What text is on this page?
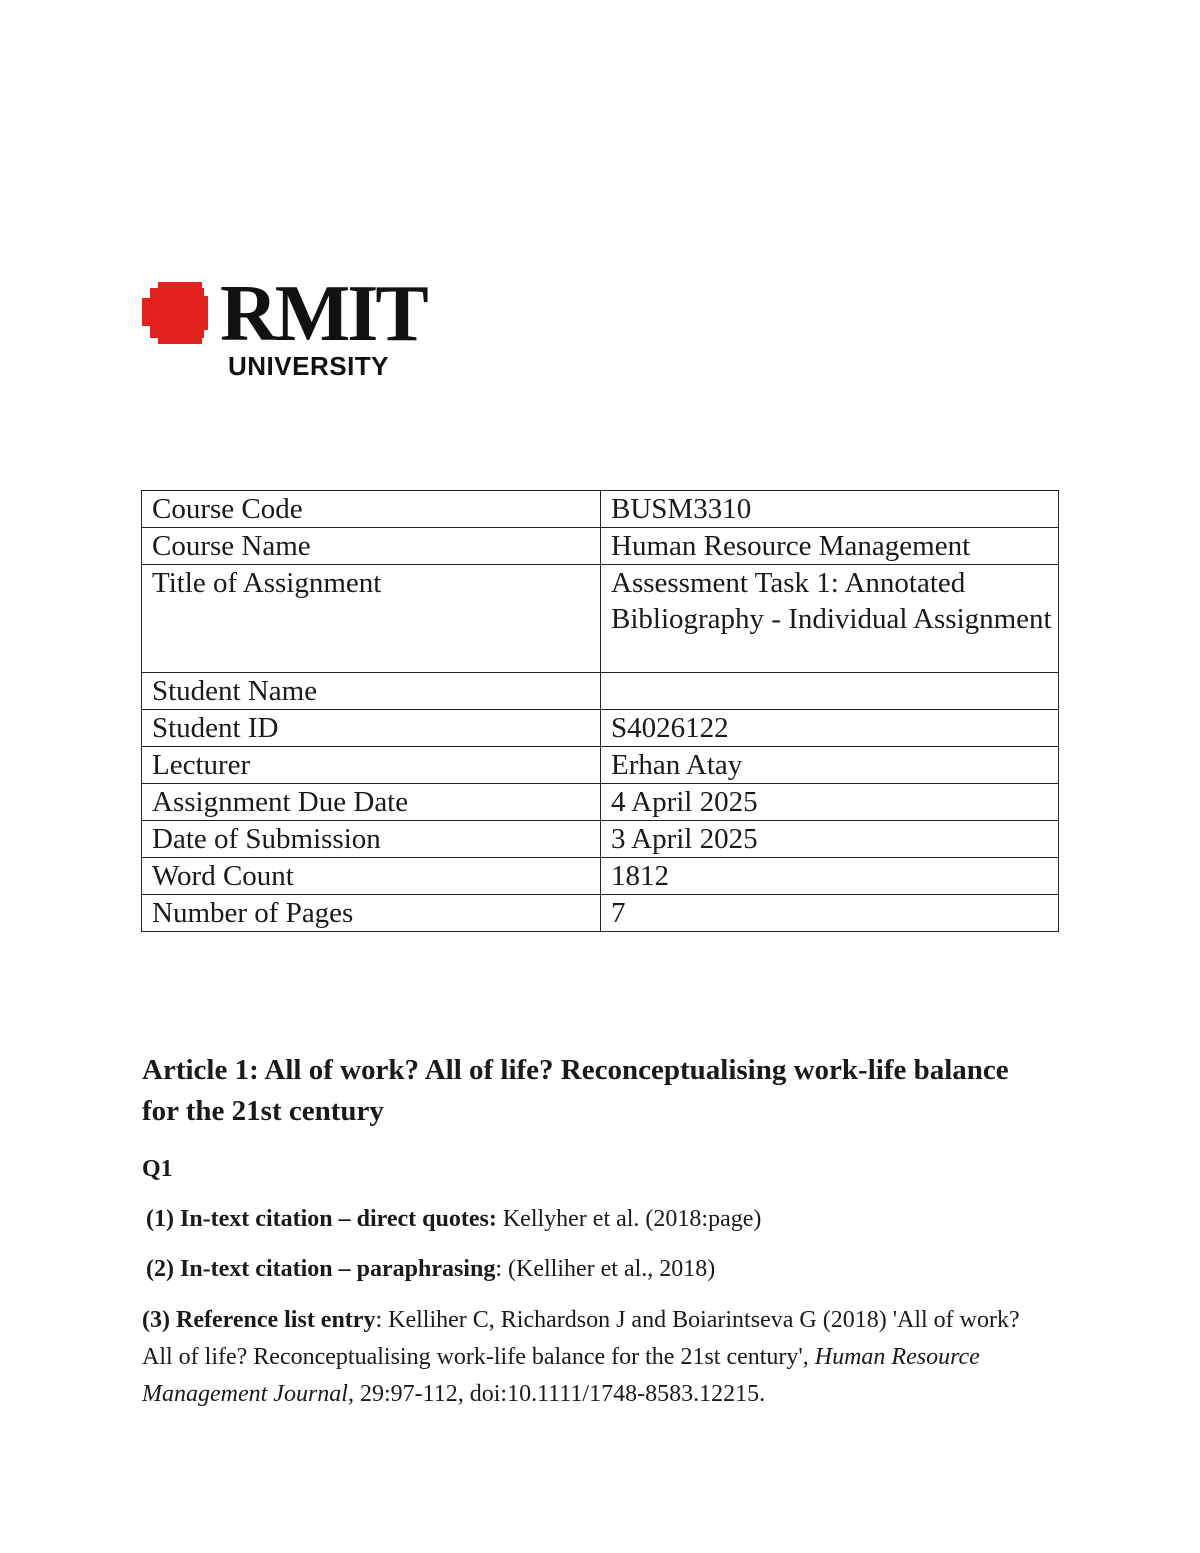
RMIT
UNIVERSITY
Course Code	BUSM3310
Course Name	Human Resource Management
Title of Assignment	Assessment Task 1: Annotated Bibliography - Individual Assignment
Student Name	
Student ID	S4026122
Lecturer	Erhan Atay
Assignment Due Date	4 April 2025
Date of Submission	3 April 2025
Word Count	1812
Number of Pages	7
Article 1: All of work? All of life? Reconceptualising work-life balance for the 21st century

Q1

(1) In-text citation – direct quotes: Kellyher et al. (2018:page)

(2) In-text citation – paraphrasing: (Kelliher et al., 2018)

(3) Reference list entry: Kelliher C, Richardson J and Boiarintseva G (2018) 'All of work? All of life? Reconceptualising work-life balance for the 21st century', Human Resource Management Journal, 29:97-112, doi:10.1111/1748-8583.12215.
